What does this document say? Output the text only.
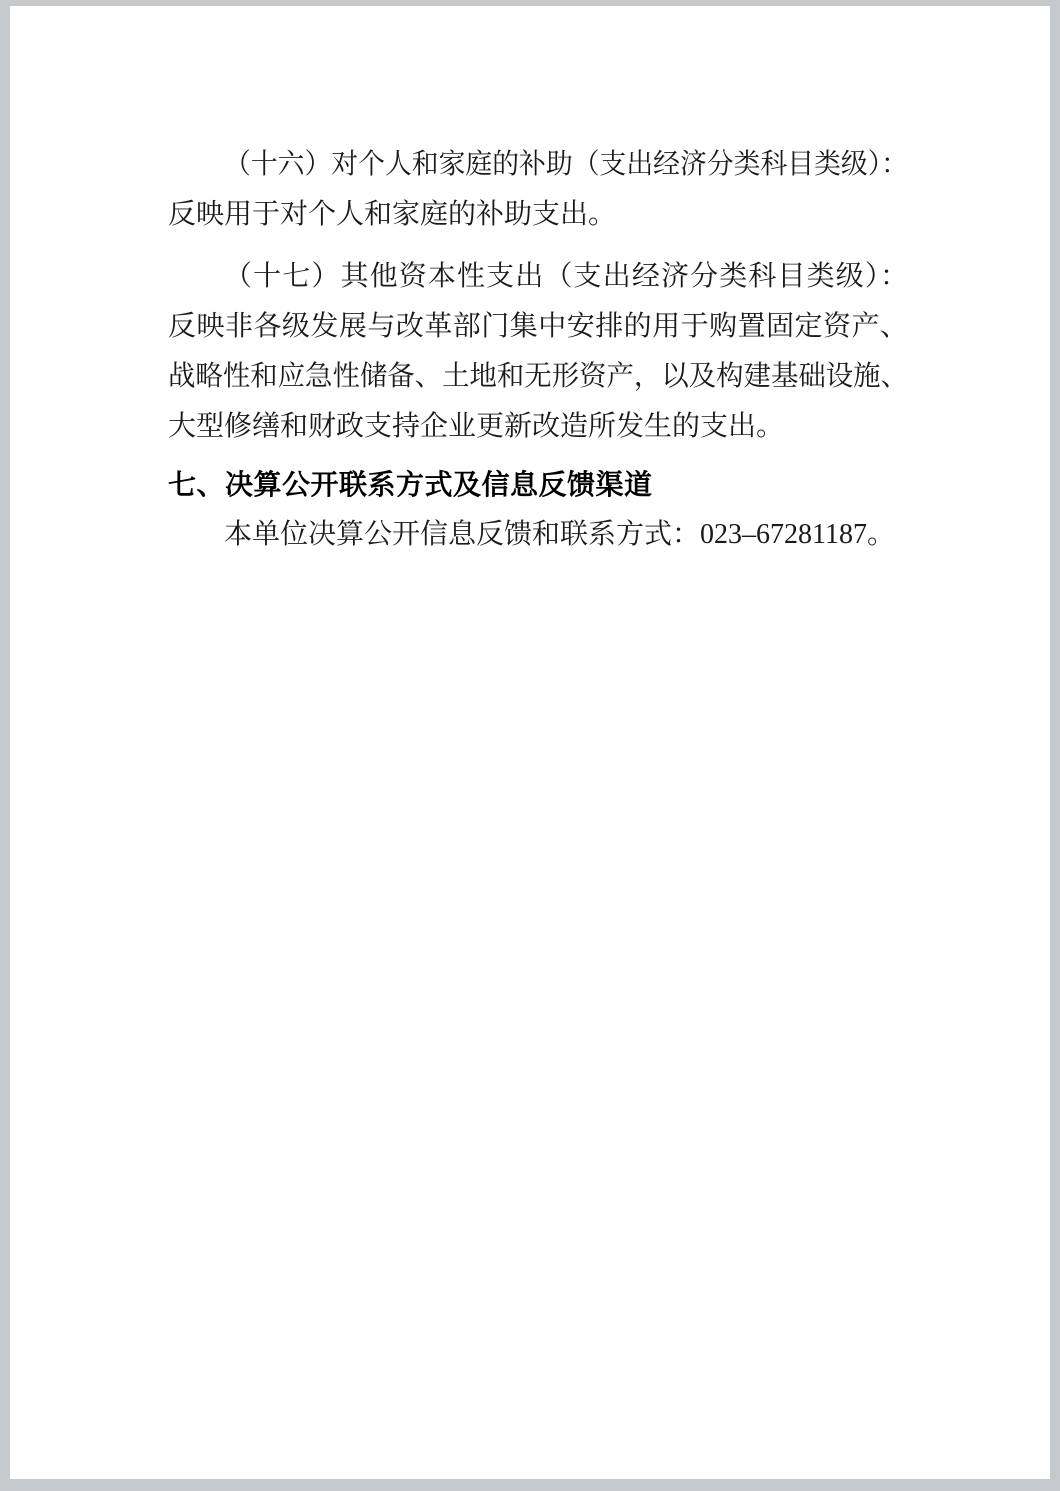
（十六）对个人和家庭的补助（支出经济分类科目类级）：
反映用于对个人和家庭的补助支出。
（十七）其他资本性支出（支出经济分类科目类级）：
反映非各级发展与改革部门集中安排的用于购置固定资产、
战略性和应急性储备、土地和无形资产，以及构建基础设施、
大型修缮和财政支持企业更新改造所发生的支出。
七、决算公开联系方式及信息反馈渠道
本单位决算公开信息反馈和联系方式：023–67281187。
